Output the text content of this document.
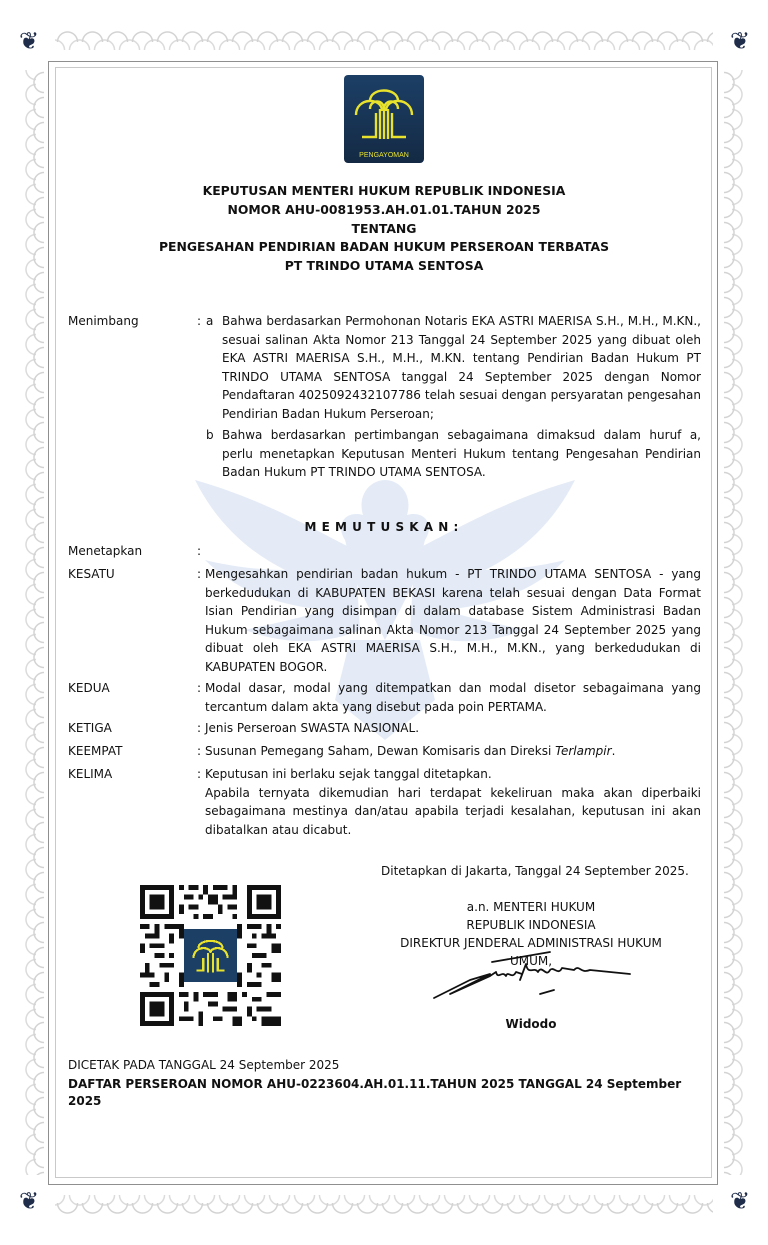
❦	❦
❦	❦
PENGAYOMAN
KEPUTUSAN MENTERI HUKUM REPUBLIK INDONESIA
NOMOR AHU-0081953.AH.01.01.TAHUN 2025
TENTANG
PENGESAHAN PENDIRIAN BADAN HUKUM PERSEROAN TERBATAS
PT TRINDO UTAMA SENTOSA
Menimbang	: a Bahwa berdasarkan Permohonan Notaris EKA ASTRI MAERISA S.H., M.H., M.KN., sesuai salinan Akta Nomor 213 Tanggal 24 September 2025 yang dibuat oleh EKA ASTRI MAERISA S.H., M.H., M.KN. tentang Pendirian Badan Hukum PT TRINDO UTAMA SENTOSA tanggal 24 September 2025 dengan Nomor Pendaftaran 4025092432107786 telah sesuai dengan persyaratan pengesahan Pendirian Badan Hukum Perseroan;
b Bahwa berdasarkan pertimbangan sebagaimana dimaksud dalam huruf a, perlu menetapkan Keputusan Menteri Hukum tentang Pengesahan Pendirian Badan Hukum PT TRINDO UTAMA SENTOSA.
MEMUTUSKAN:
Menetapkan	:
KESATU	: Mengesahkan pendirian badan hukum - PT TRINDO UTAMA SENTOSA - yang berkedudukan di KABUPATEN BEKASI karena telah sesuai dengan Data Format Isian Pendirian yang disimpan di dalam database Sistem Administrasi Badan Hukum sebagaimana salinan Akta Nomor 213 Tanggal 24 September 2025 yang dibuat oleh EKA ASTRI MAERISA S.H., M.H., M.KN., yang berkedudukan di KABUPATEN BOGOR.
KEDUA	: Modal dasar, modal yang ditempatkan dan modal disetor sebagaimana yang tercantum dalam akta yang disebut pada poin PERTAMA.
KETIGA	: Jenis Perseroan SWASTA NASIONAL.
KEEMPAT	: Susunan Pemegang Saham, Dewan Komisaris dan Direksi Terlampir.
KELIMA	: Keputusan ini berlaku sejak tanggal ditetapkan.
Apabila ternyata dikemudian hari terdapat kekeliruan maka akan diperbaiki sebagaimana mestinya dan/atau apabila terjadi kesalahan, keputusan ini akan dibatalkan atau dicabut.
Ditetapkan di Jakarta, Tanggal 24 September 2025.
a.n. MENTERI HUKUM
REPUBLIK INDONESIA
DIREKTUR JENDERAL ADMINISTRASI HUKUM UMUM,
Widodo
DICETAK PADA TANGGAL 24 September 2025
DAFTAR PERSEROAN NOMOR AHU-0223604.AH.01.11.TAHUN 2025 TANGGAL 24 September 2025
